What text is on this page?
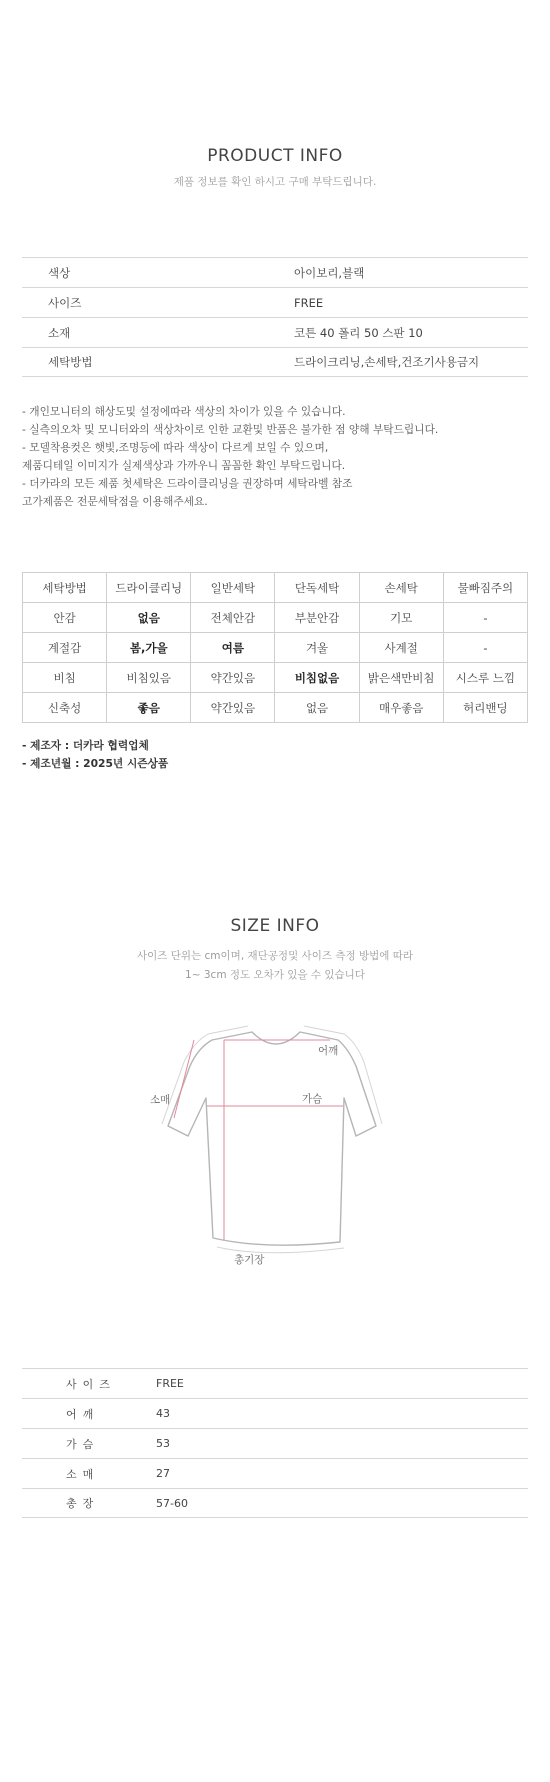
PRODUCT INFO
제품 정보를 확인 하시고 구매 부탁드립니다.
색상	아이보리,블랙
사이즈	FREE
소재	코튼 40 폴리 50 스판 10
세탁방법	드라이크리닝,손세탁,건조기사용금지
- 개인모니터의 해상도및 설정에따라 색상의 차이가 있을 수 있습니다.
- 실측의오차 및 모니터와의 색상차이로 인한 교환및 반품은 불가한 점 양해 부탁드립니다.
- 모델착용컷은 햇빛,조명등에 따라 색상이 다르게 보일 수 있으며,
제품디테일 이미지가 실제색상과 가까우니 꼼꼼한 확인 부탁드립니다.
- 더카라의 모든 제품 첫세탁은 드라이클리닝을 권장하며 세탁라벨 참조
고가제품은 전문세탁점을 이용해주세요.
세탁방법	드라이클리닝	일반세탁	단독세탁	손세탁	물빠짐주의
안감	없음	전체안감	부분안감	기모	-
계절감	봄,가을	여름	겨울	사계절	-
비침	비침있음	약간있음	비침없음	밝은색만비침	시스루 느낌
신축성	좋음	약간있음	없음	매우좋음	허리밴딩
- 제조자 : 더카라 협력업체
- 제조년월 : 2025년 시즌상품
SIZE INFO
사이즈 단위는 cm이며, 재단공정및 사이즈 측정 방법에 따라
1~ 3cm 정도 오차가 있을 수 있습니다
어깨
가슴
소매
총기장
사이즈	FREE
어깨	43
가슴	53
소매	27
총장	57-60
